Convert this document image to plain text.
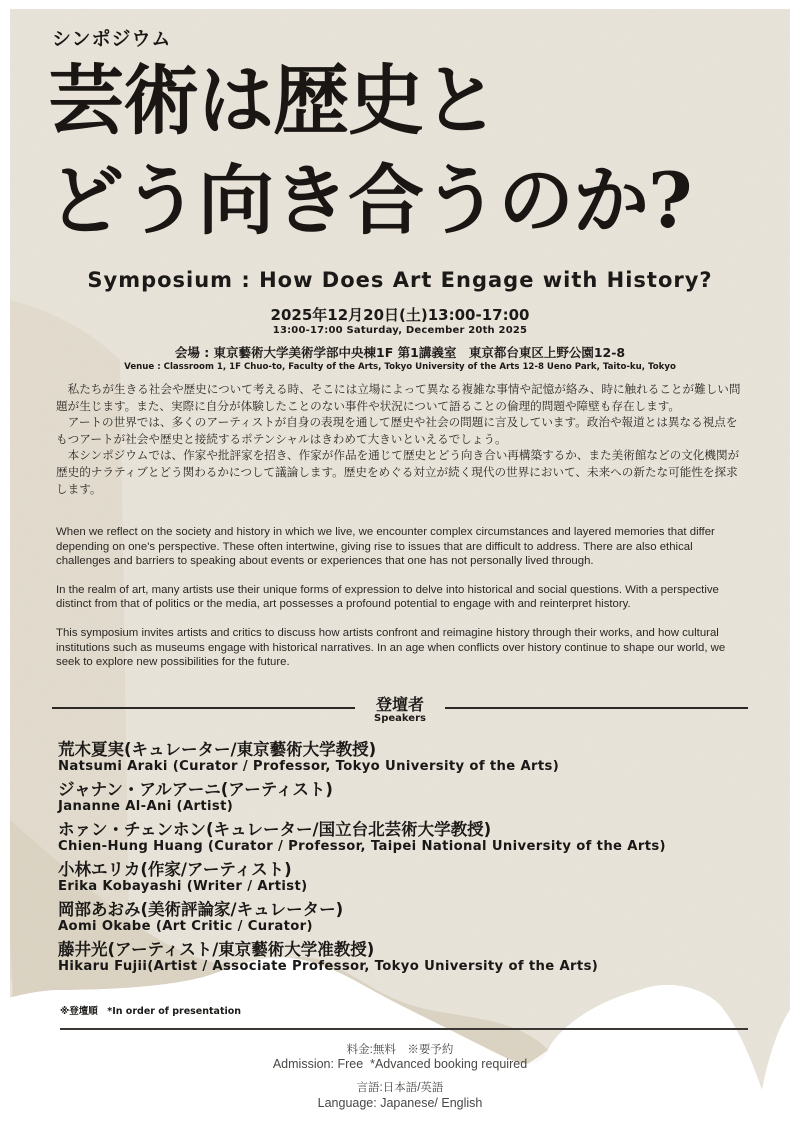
シンポジウム
芸術は歴史と
どう向き合うのか?
Symposium : How Does Art Engage with History?
2025年12月20日(土)13:00-17:00
13:00-17:00 Saturday, December 20th 2025
会場 : 東京藝術大学美術学部中央棟1F 第1講義室　東京都台東区上野公園12-8
Venue : Classroom 1, 1F Chuo-to, Faculty of the Arts, Tokyo University of the Arts 12-8 Ueno Park, Taito-ku, Tokyo

私たちが生きる社会や歴史について考える時、そこには立場によって異なる複雑な事情や記憶が絡み、時に触れることが難しい問題が生じます。また、実際に自分が体験したことのない事件や状況について語ることの倫理的問題や障壁も存在します。

アートの世界では、多くのアーティストが自身の表現を通して歴史や社会の問題に言及しています。政治や報道とは異なる視点をもつアートが社会や歴史と接続するポテンシャルはきわめて大きいといえるでしょう。

本シンポジウムでは、作家や批評家を招き、作家が作品を通じて歴史とどう向き合い再構築するか、また美術館などの文化機関が歴史的ナラティブとどう関わるかにつして議論します。歴史をめぐる対立が続く現代の世界において、未来への新たな可能性を探求します。

When we reflect on the society and history in which we live, we encounter complex circumstances and layered memories that differ depending on one's perspective. These often intertwine, giving rise to issues that are difficult to address. There are also ethical challenges and barriers to speaking about events or experiences that one has not personally lived through.

In the realm of art, many artists use their unique forms of expression to delve into historical and social questions. With a perspective distinct from that of politics or the media, art possesses a profound potential to engage with and reinterpret history.

This symposium invites artists and critics to discuss how artists confront and reimagine history through their works, and how cultural institutions such as museums engage with historical narratives. In an age when conflicts over history continue to shape our world, we seek to explore new possibilities for the future.

登壇者
Speakers
荒木夏実(キュレーター/東京藝術大学教授)
Natsumi Araki (Curator / Professor, Tokyo University of the Arts)
ジャナン・アルアーニ(アーティスト)
Jananne Al-Ani (Artist)
ホァン・チェンホン(キュレーター/国立台北芸術大学教授)
Chien-Hung Huang (Curator / Professor, Taipei National University of the Arts)
小林エリカ(作家/アーティスト)
Erika Kobayashi (Writer / Artist)
岡部あおみ(美術評論家/キュレーター)
Aomi Okabe (Art Critic / Curator)
藤井光(アーティスト/東京藝術大学准教授)
Hikaru Fujii(Artist / Associate Professor, Tokyo University of the Arts)
※登壇順　*In order of presentation
料金:無料　※要予約
Admission: Free  *Advanced booking required
言語:日本語/英語
Language: Japanese/ English
